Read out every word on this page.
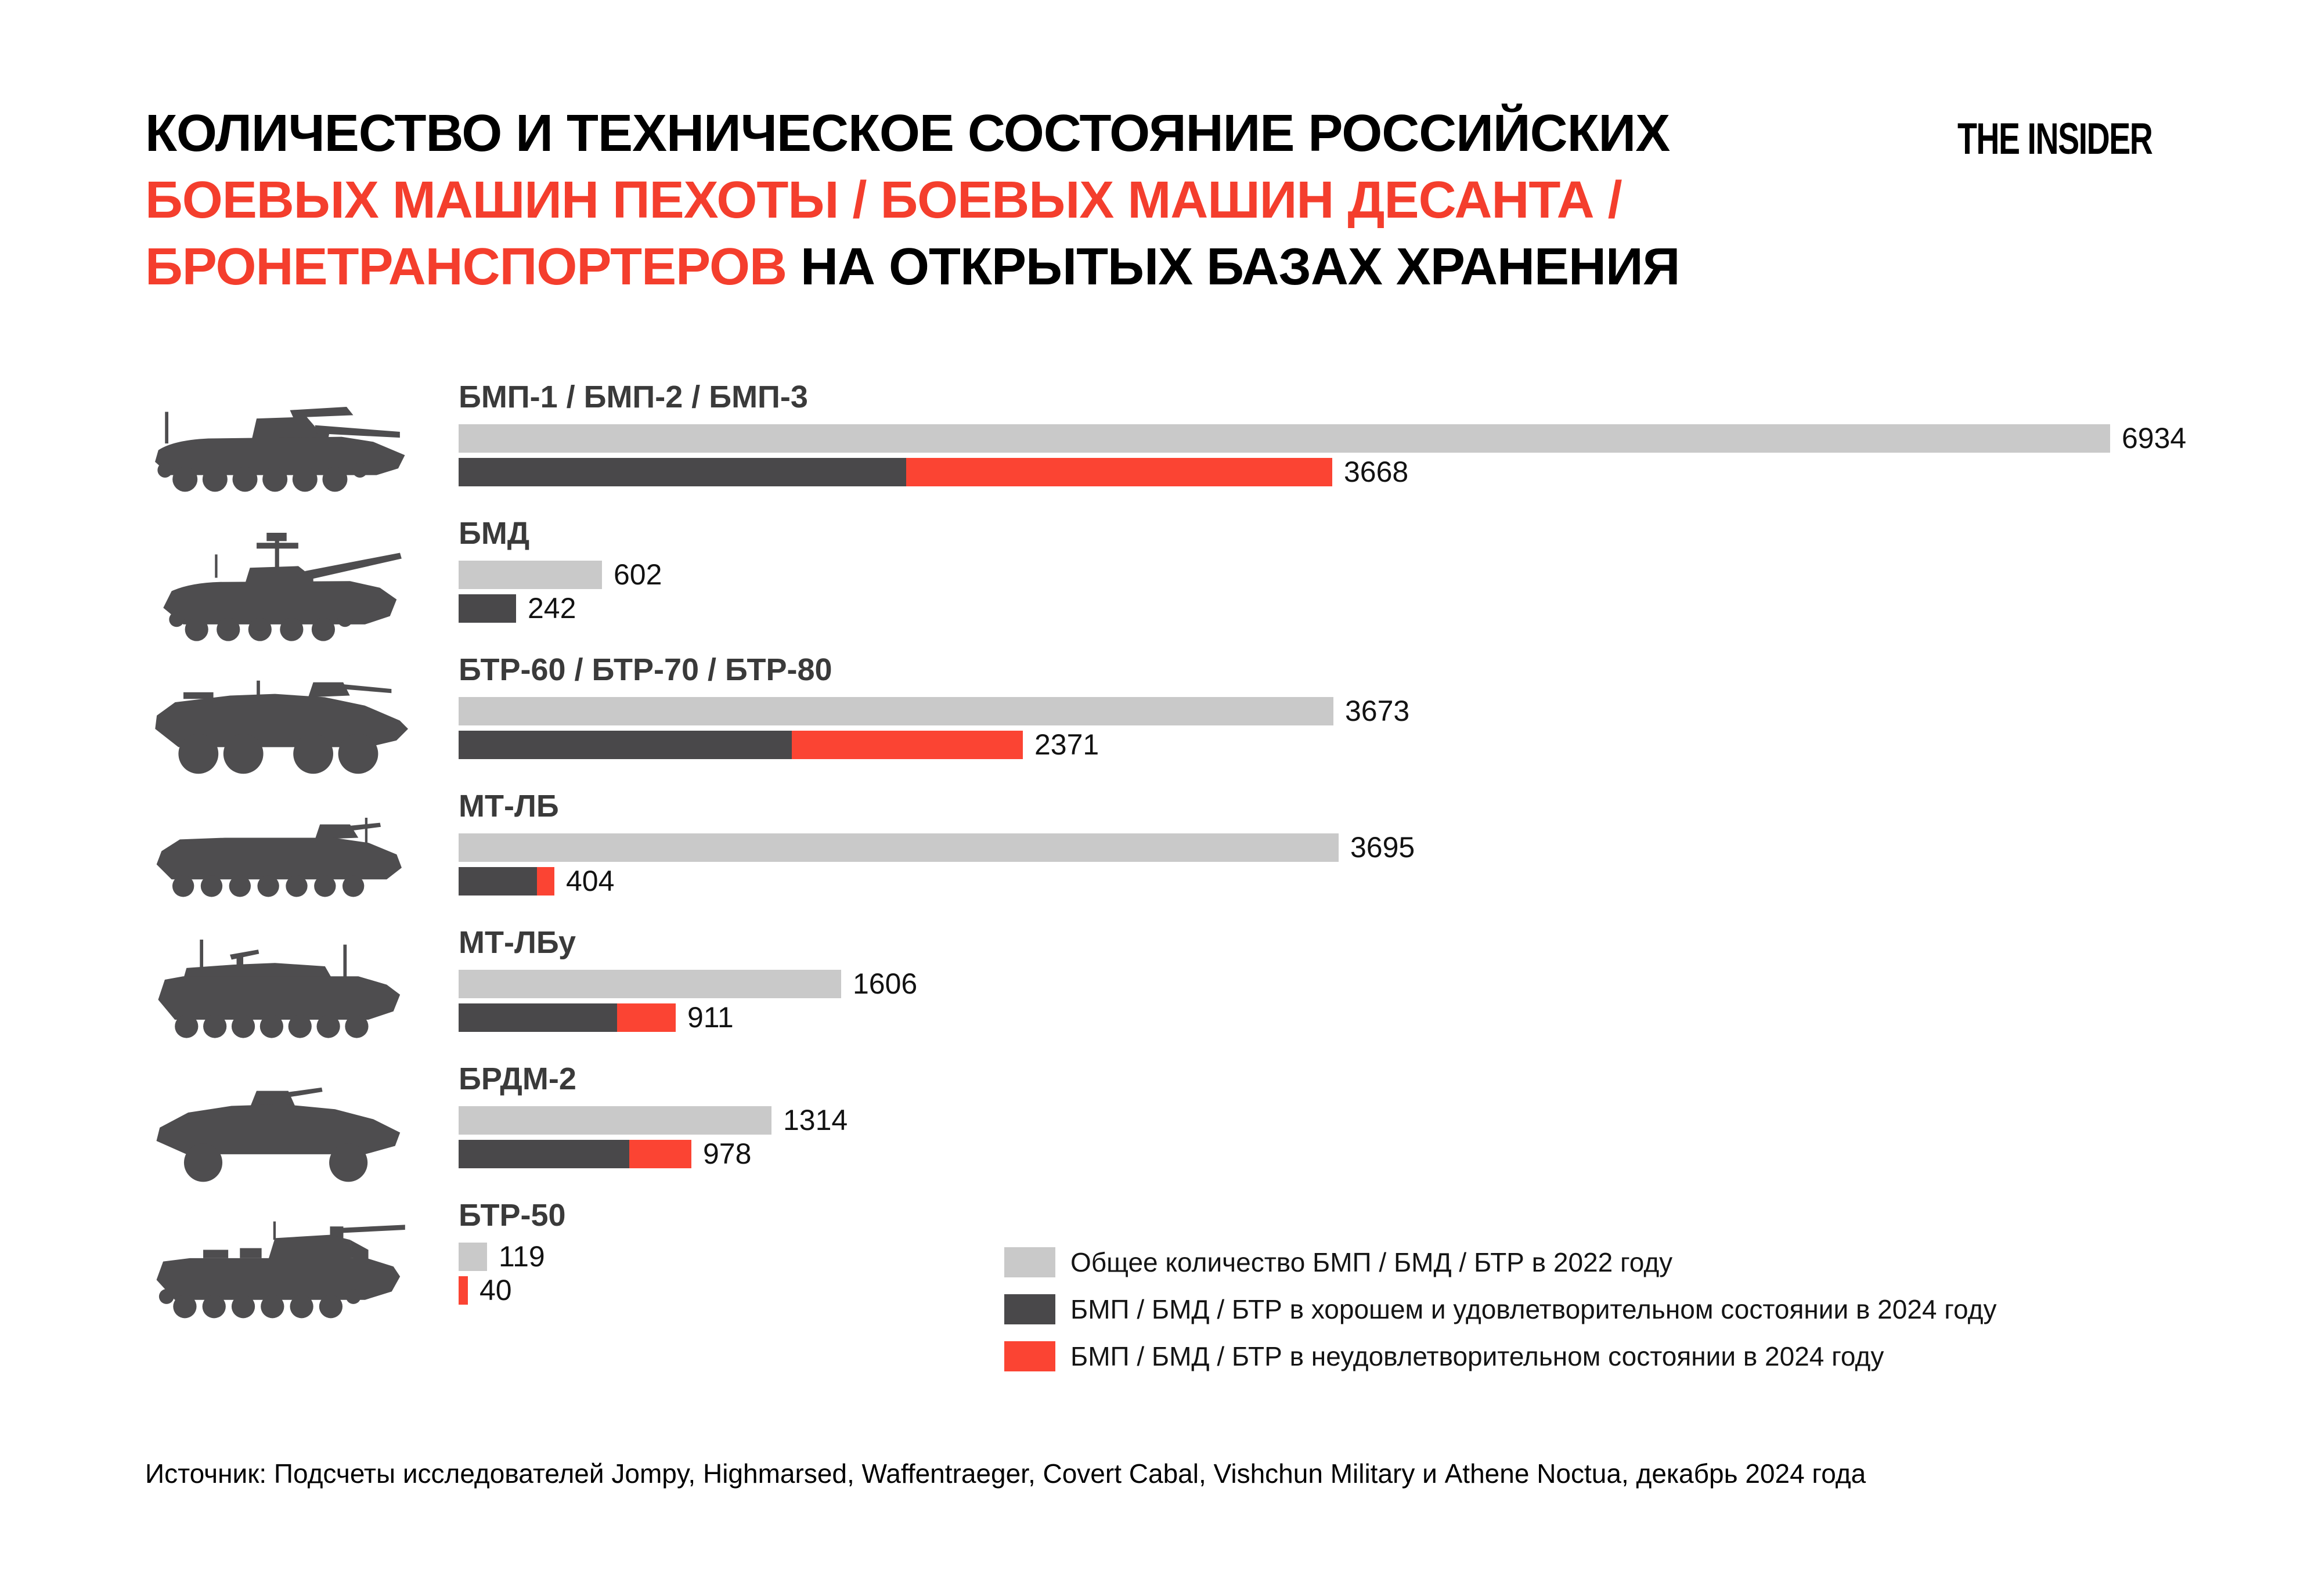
КОЛИЧЕСТВО И ТЕХНИЧЕСКОЕ СОСТОЯНИЕ РОССИЙСКИХ
БОЕВЫХ МАШИН ПЕХОТЫ / БОЕВЫХ МАШИН ДЕСАНТА /
БРОНЕТРАНСПОРТЕРОВ НА ОТКРЫТЫХ БАЗАХ ХРАНЕНИЯ
THE INSIDER
БМП-1 / БМП-2 / БМП-3
6934
3668
БМД
602
242
БТР-60 / БТР-70 / БТР-80
3673
2371
МТ-ЛБ
3695
404
МТ-ЛБу
1606
911
БРДМ-2
1314
978
БТР-50
119
40
Общее количество БМП / БМД / БТР в 2022 году
БМП / БМД / БТР в хорошем и удовлетворительном состоянии в 2024 году
БМП / БМД / БТР в неудовлетворительном состоянии в 2024 году
Источник: Подсчеты исследователей Jompy, Highmarsed, Waffentraeger, Covert Cabal, Vishchun Military и Athene Noctua, декабрь 2024 года
